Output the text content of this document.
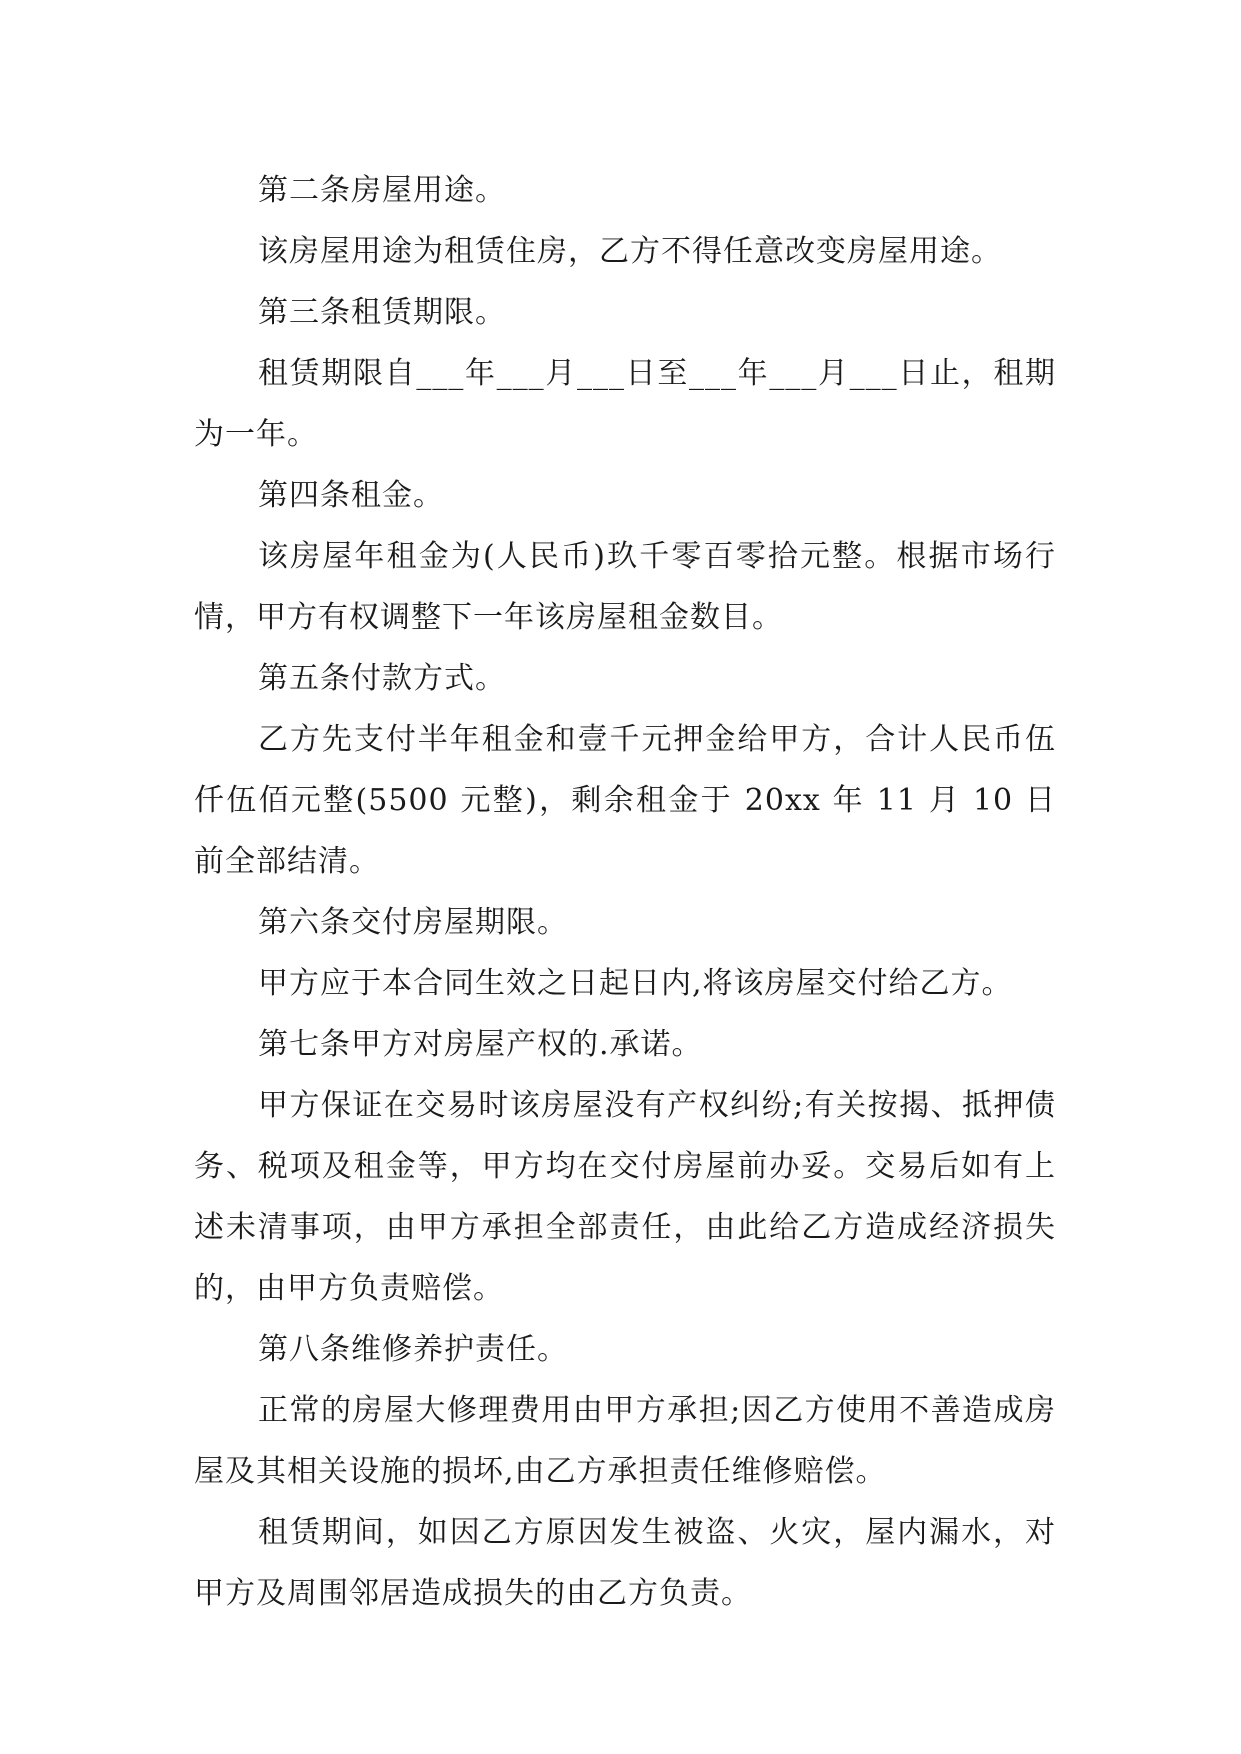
第二条房屋用途。

该房屋用途为租赁住房，乙方不得任意改变房屋用途。

第三条租赁期限。

租赁期限自___年___月___日至___年___月___日止，租期为一年。

第四条租金。

该房屋年租金为(人民币)玖千零百零拾元整。根据市场行情，甲方有权调整下一年该房屋租金数目。

第五条付款方式。

乙方先支付半年租金和壹千元押金给甲方，合计人民币伍仟伍佰元整(5500 元整)，剩余租金于 20xx 年 11 月 10 日前全部结清。

第六条交付房屋期限。

甲方应于本合同生效之日起日内,将该房屋交付给乙方。

第七条甲方对房屋产权的.承诺。

甲方保证在交易时该房屋没有产权纠纷;有关按揭、抵押债务、税项及租金等，甲方均在交付房屋前办妥。交易后如有上述未清事项，由甲方承担全部责任，由此给乙方造成经济损失的，由甲方负责赔偿。

第八条维修养护责任。

正常的房屋大修理费用由甲方承担;因乙方使用不善造成房屋及其相关设施的损坏,由乙方承担责任维修赔偿。

租赁期间，如因乙方原因发生被盗、火灾，屋内漏水，对甲方及周围邻居造成损失的由乙方负责。
